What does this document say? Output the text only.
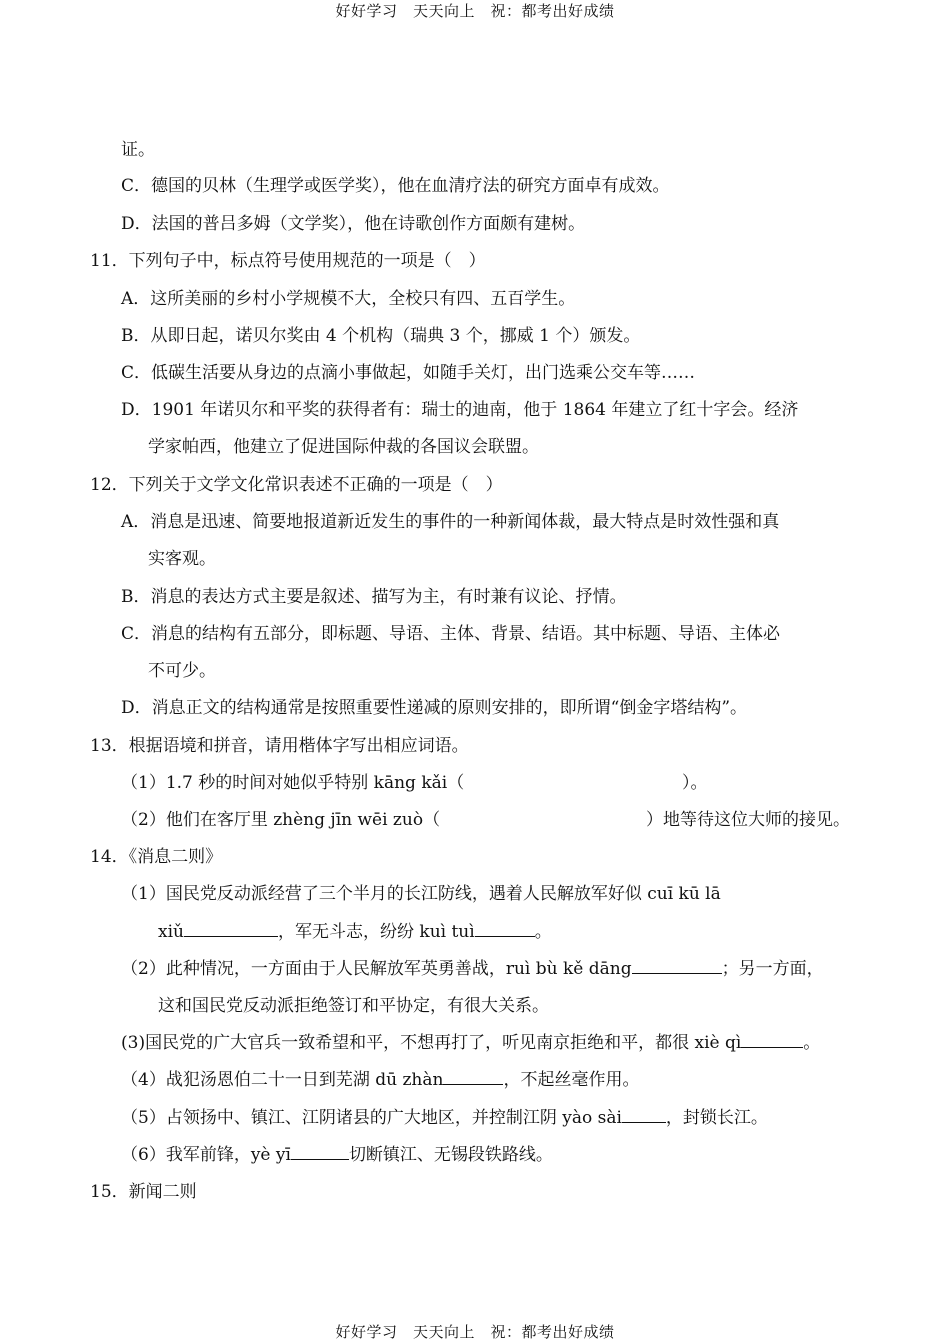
好好学习　天天向上　祝：都考出好成绩
证。
C．德国的贝林（生理学或医学奖），他在血清疗法的研究方面卓有成效。
D．法国的普吕多姆（文学奖），他在诗歌创作方面颇有建树。
11．下列句子中，标点符号使用规范的一项是（　）
A．这所美丽的乡村小学规模不大，全校只有四、五百学生。
B．从即日起，诺贝尔奖由 4 个机构（瑞典 3 个，挪威 1 个）颁发。
C．低碳生活要从身边的点滴小事做起，如随手关灯，出门选乘公交车等……
D．1901 年诺贝尔和平奖的获得者有：瑞士的迪南，他于 1864 年建立了红十字会。经济
学家帕西，他建立了促进国际仲裁的各国议会联盟。
12．下列关于文学文化常识表述不正确的一项是（　）
A．消息是迅速、简要地报道新近发生的事件的一种新闻体裁，最大特点是时效性强和真
实客观。
B．消息的表达方式主要是叙述、描写为主，有时兼有议论、抒情。
C．消息的结构有五部分，即标题、导语、主体、背景、结语。其中标题、导语、主体必
不可少。
D．消息正文的结构通常是按照重要性递减的原则安排的，即所谓“倒金字塔结构”。
13．根据语境和拼音，请用楷体字写出相应词语。
（1）1.7 秒的时间对她似乎特别 kāng kǎi（	）。
（2）他们在客厅里 zhèng jīn wēi zuò（	）地等待这位大师的接见。
14．《消息二则》
（1）国民党反动派经营了三个半月的长江防线，遇着人民解放军好似 cuī kū lā
xiǔ	，军无斗志，纷纷 kuì tuì	。
（2）此种情况，一方面由于人民解放军英勇善战，ruì bù kě dāng	；另一方面，
这和国民党反动派拒绝签订和平协定，有很大关系。
(3)国民党的广大官兵一致希望和平，不想再打了，听见南京拒绝和平，都很 xiè qì	。
（4）战犯汤恩伯二十一日到芜湖 dū zhàn	，不起丝毫作用。
（5）占领扬中、镇江、江阴诸县的广大地区，并控制江阴 yào sài	，封锁长江。
（6）我军前锋，yè yī	切断镇江、无锡段铁路线。
15．新闻二则
好好学习　天天向上　祝：都考出好成绩
